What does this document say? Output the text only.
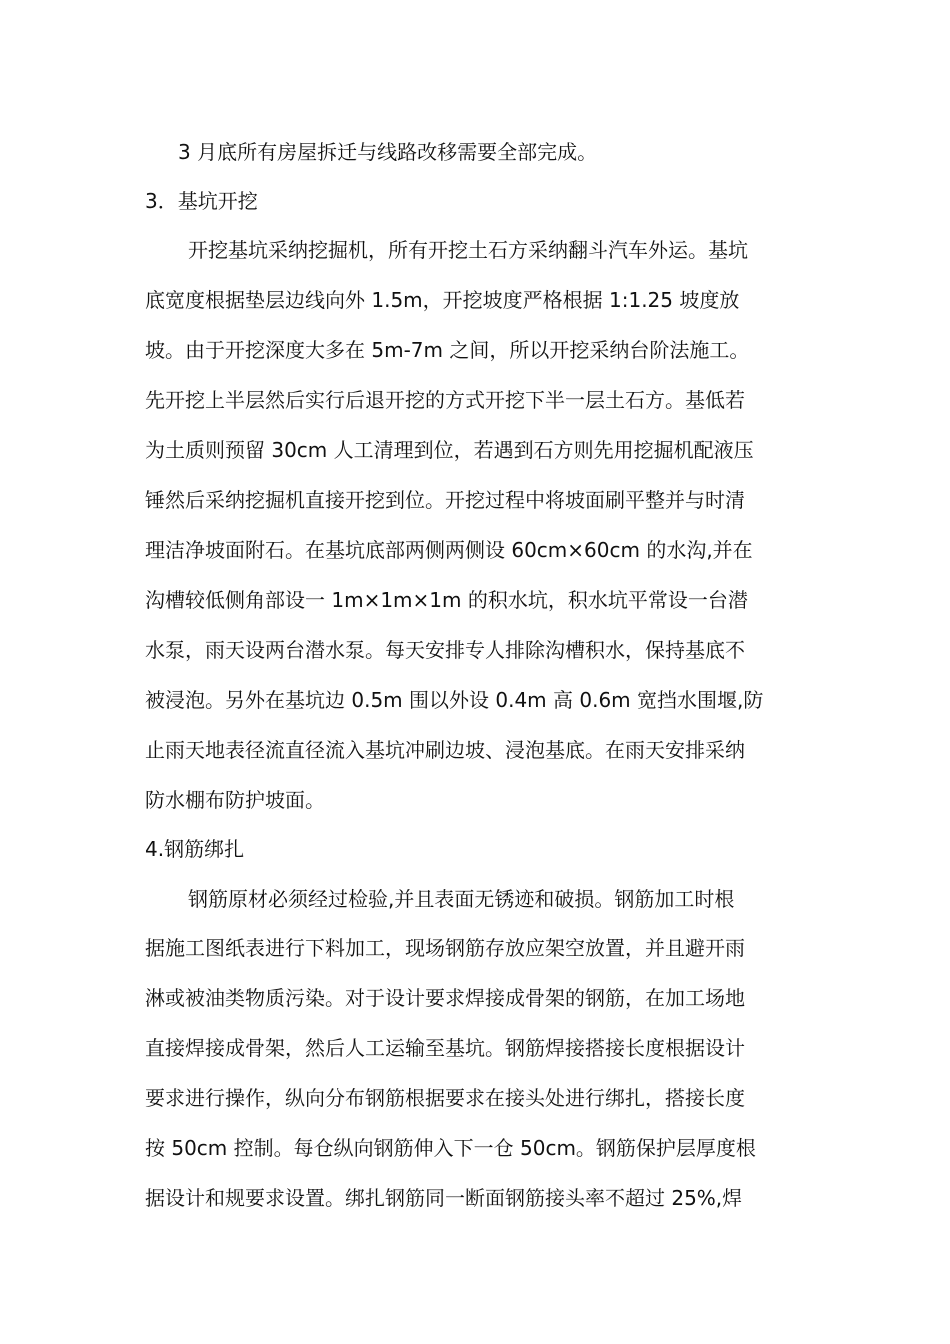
3 月底所有房屋拆迁与线路改移需要全部完成。
3．基坑开挖
开挖基坑采纳挖掘机，所有开挖土石方采纳翻斗汽车外运。基坑
底宽度根据垫层边线向外 1.5m，开挖坡度严格根据 1:1.25 坡度放
坡。由于开挖深度大多在 5m-7m 之间，所以开挖采纳台阶法施工。
先开挖上半层然后实行后退开挖的方式开挖下半一层土石方。基低若
为土质则预留 30cm 人工清理到位，若遇到石方则先用挖掘机配液压
锤然后采纳挖掘机直接开挖到位。开挖过程中将坡面刷平整并与时清
理洁净坡面附石。在基坑底部两侧两侧设 60cm×60cm 的水沟,并在
沟槽较低侧角部设一 1m×1m×1m 的积水坑，积水坑平常设一台潜
水泵，雨天设两台潜水泵。每天安排专人排除沟槽积水，保持基底不
被浸泡。另外在基坑边 0.5m 围以外设 0.4m 高 0.6m 宽挡水围堰,防
止雨天地表径流直径流入基坑冲刷边坡、浸泡基底。在雨天安排采纳
防水棚布防护坡面。
4.钢筋绑扎
钢筋原材必须经过检验,并且表面无锈迹和破损。钢筋加工时根
据施工图纸表进行下料加工，现场钢筋存放应架空放置，并且避开雨
淋或被油类物质污染。对于设计要求焊接成骨架的钢筋，在加工场地
直接焊接成骨架，然后人工运输至基坑。钢筋焊接搭接长度根据设计
要求进行操作，纵向分布钢筋根据要求在接头处进行绑扎，搭接长度
按 50cm 控制。每仓纵向钢筋伸入下一仓 50cm。钢筋保护层厚度根
据设计和规要求设置。绑扎钢筋同一断面钢筋接头率不超过 25%,焊
